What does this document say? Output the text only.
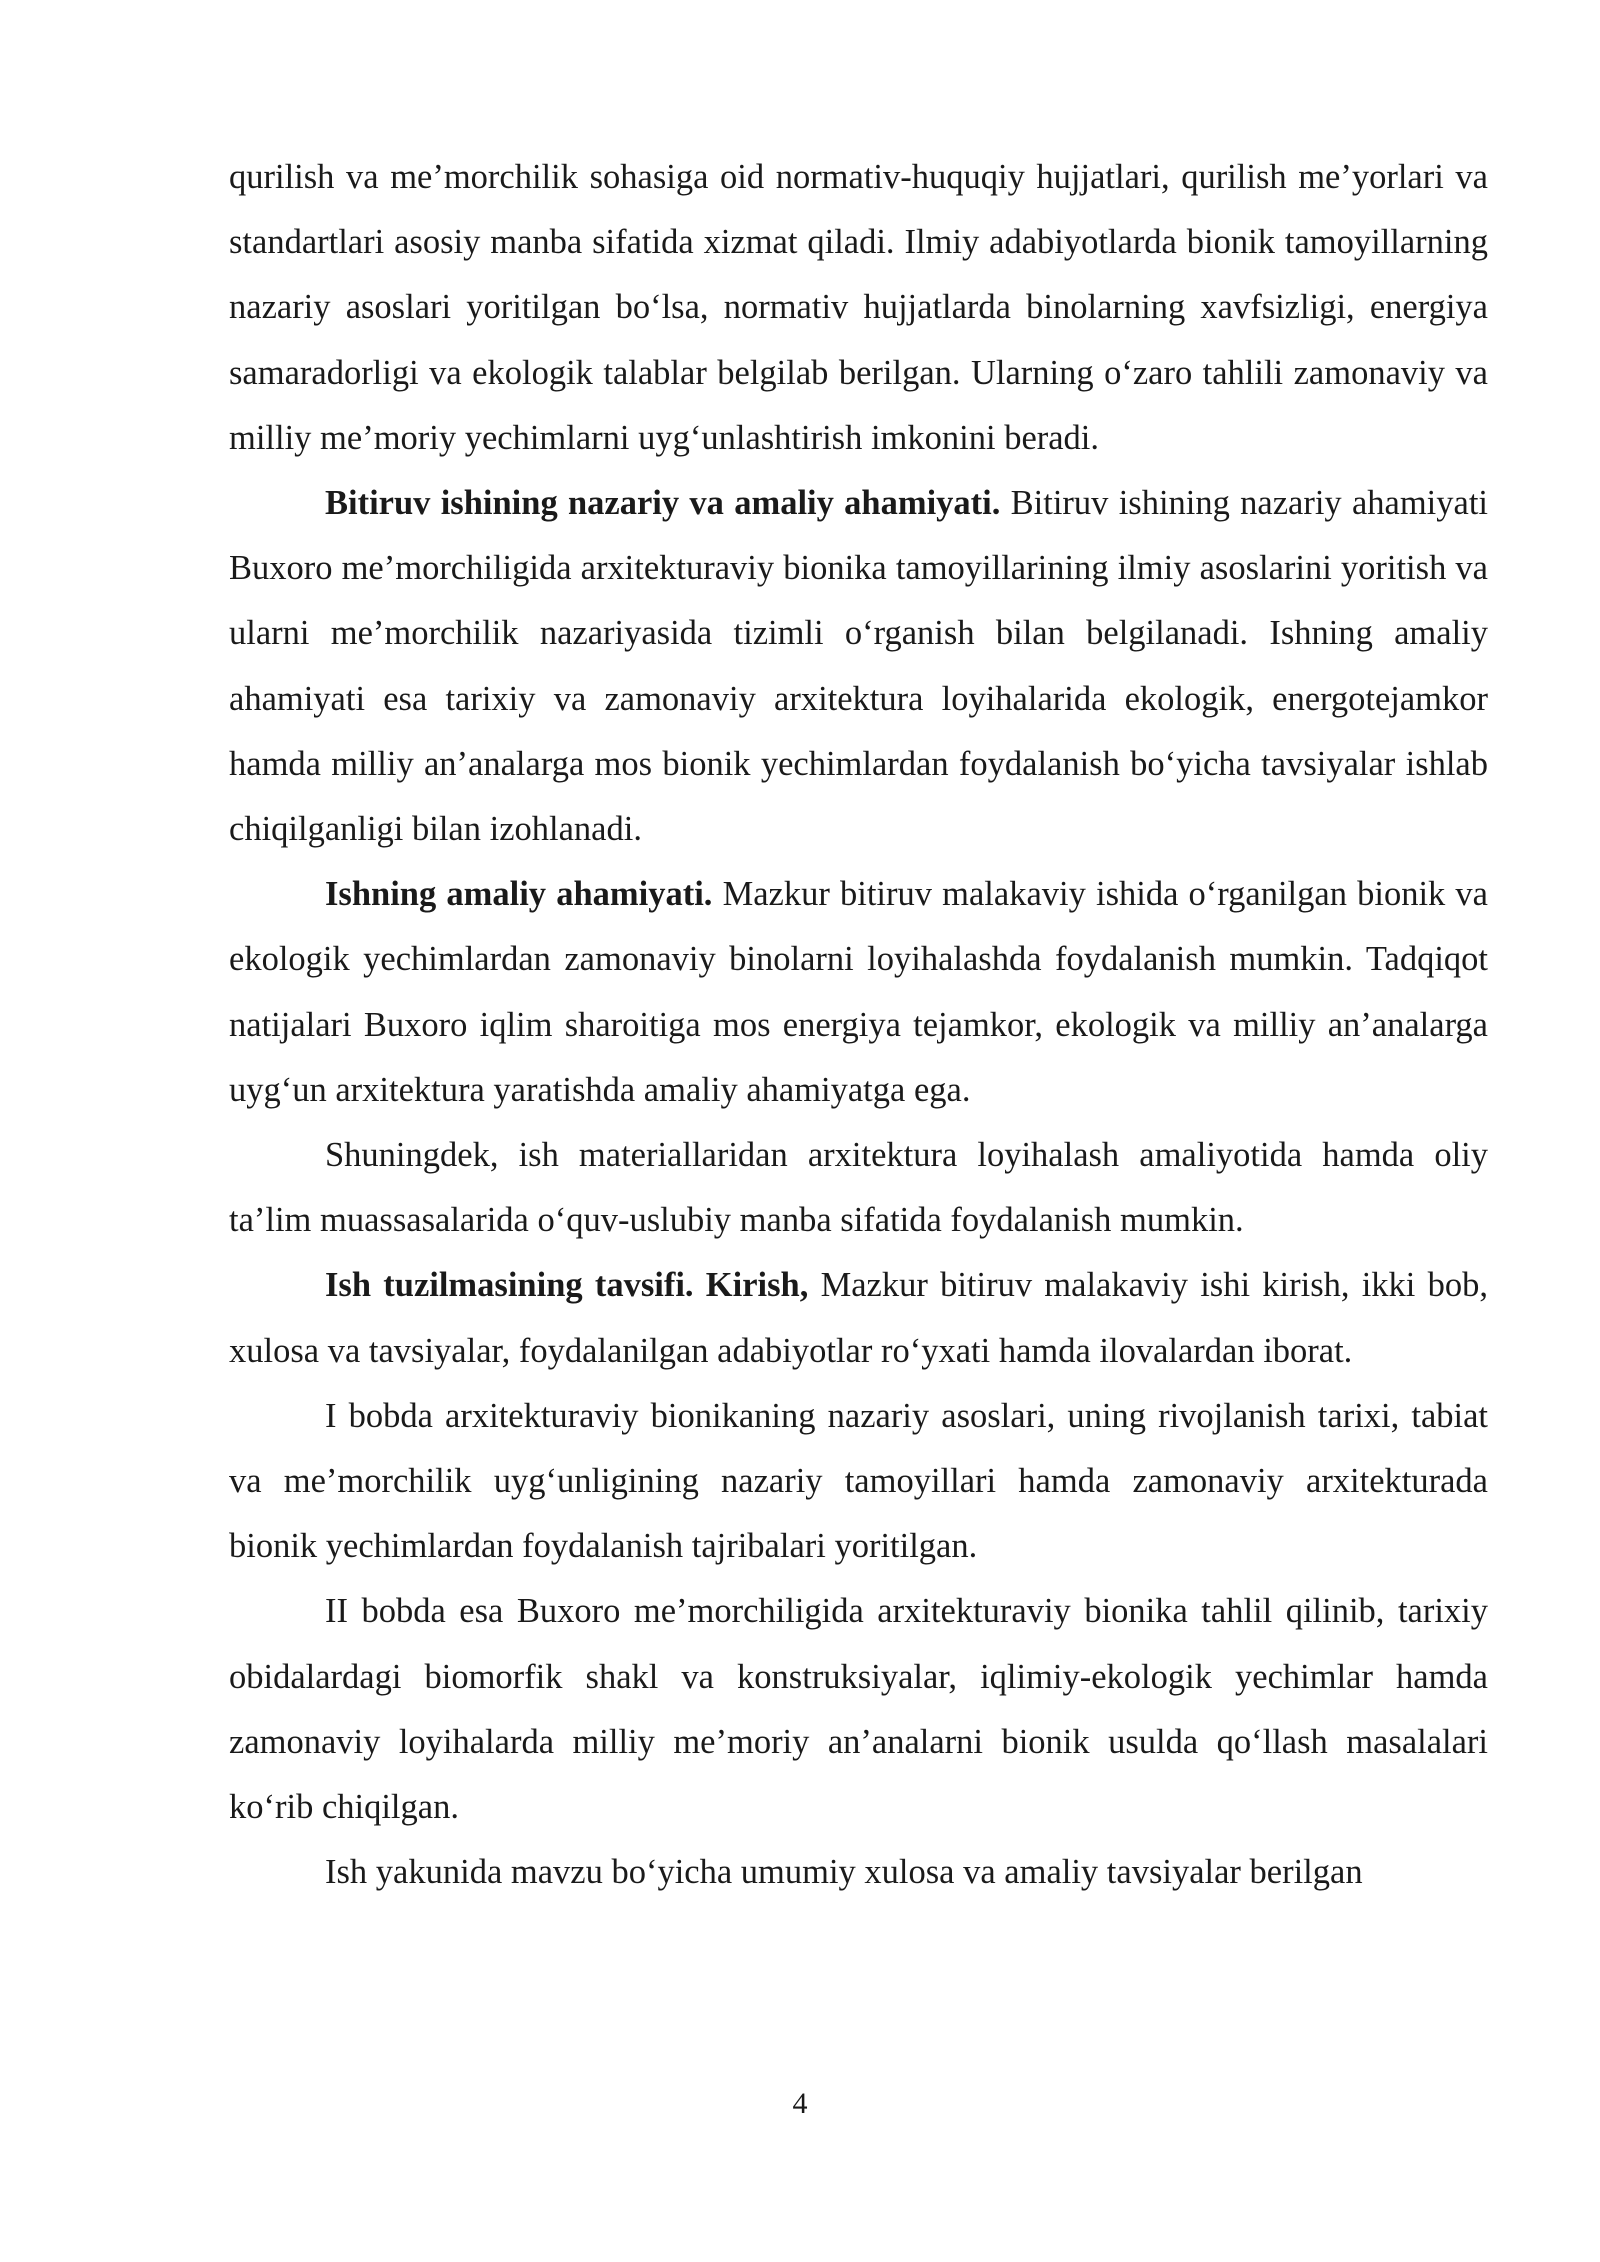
qurilish va me’morchilik sohasiga oid normativ-huquqiy hujjatlari, qurilish me’yorlari va standartlari asosiy manba sifatida xizmat qiladi. Ilmiy adabiyotlarda bionik tamoyillarning nazariy asoslari yoritilgan bo‘lsa, normativ hujjatlarda binolarning xavfsizligi, energiya samaradorligi va ekologik talablar belgilab berilgan. Ularning o‘zaro tahlili zamonaviy va milliy me’moriy yechimlarni uyg‘unlashtirish imkonini beradi.

Bitiruv ishining nazariy va amaliy ahamiyati. Bitiruv ishining nazariy ahamiyati Buxoro me’morchiligida arxitekturaviy bionika tamoyillarining ilmiy asoslarini yoritish va ularni me’morchilik nazariyasida tizimli o‘rganish bilan belgilanadi. Ishning amaliy ahamiyati esa tarixiy va zamonaviy arxitektura loyihalarida ekologik, energotejamkor hamda milliy an’analarga mos bionik yechimlardan foydalanish bo‘yicha tavsiyalar ishlab chiqilganligi bilan izohlanadi.

Ishning amaliy ahamiyati. Mazkur bitiruv malakaviy ishida o‘rganilgan bionik va ekologik yechimlardan zamonaviy binolarni loyihalashda foydalanish mumkin. Tadqiqot natijalari Buxoro iqlim sharoitiga mos energiya tejamkor, ekologik va milliy an’analarga uyg‘un arxitektura yaratishda amaliy ahamiyatga ega.

Shuningdek, ish materiallaridan arxitektura loyihalash amaliyotida hamda oliy ta’lim muassasalarida o‘quv-uslubiy manba sifatida foydalanish mumkin.

Ish tuzilmasining tavsifi. Kirish, Mazkur bitiruv malakaviy ishi kirish, ikki bob, xulosa va tavsiyalar, foydalanilgan adabiyotlar ro‘yxati hamda ilovalardan iborat.

I bobda arxitekturaviy bionikaning nazariy asoslari, uning rivojlanish tarixi, tabiat va me’morchilik uyg‘unligining nazariy tamoyillari hamda zamonaviy arxitekturada bionik yechimlardan foydalanish tajribalari yoritilgan.

II bobda esa Buxoro me’morchiligida arxitekturaviy bionika tahlil qilinib, tarixiy obidalardagi biomorfik shakl va konstruksiyalar, iqlimiy-ekologik yechimlar hamda zamonaviy loyihalarda milliy me’moriy an’analarni bionik usulda qo‘llash masalalari ko‘rib chiqilgan.

Ish yakunida mavzu bo‘yicha umumiy xulosa va amaliy tavsiyalar berilgan

4
